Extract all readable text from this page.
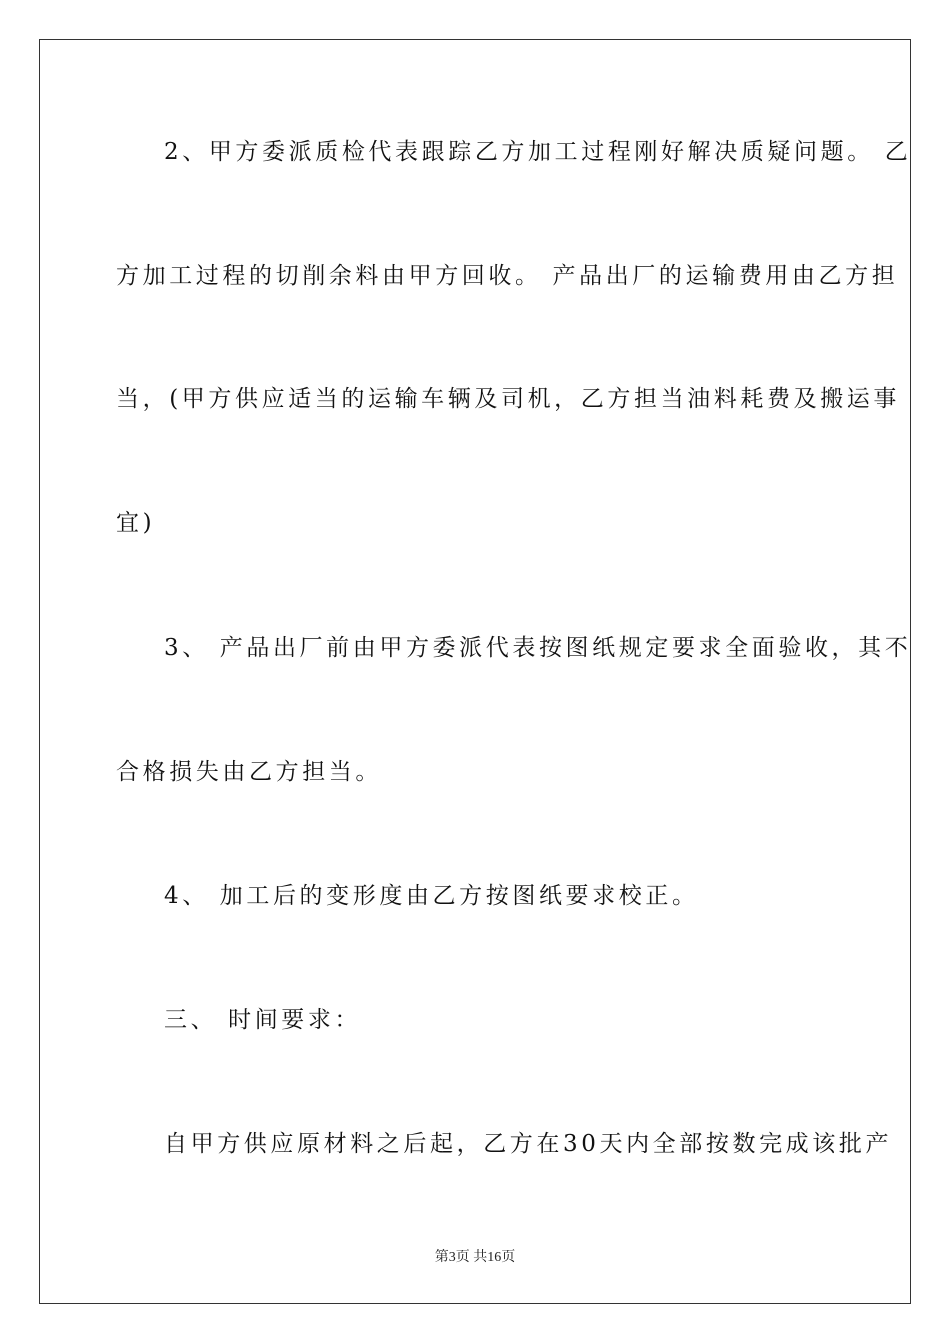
2、甲方委派质检代表跟踪乙方加工过程刚好解决质疑问题。 乙
方加工过程的切削余料由甲方回收。 产品出厂的运输费用由乙方担
当，(甲方供应适当的运输车辆及司机，乙方担当油料耗费及搬运事
宜)
3、 产品出厂前由甲方委派代表按图纸规定要求全面验收，其不
合格损失由乙方担当。
4、 加工后的变形度由乙方按图纸要求校正。
三、 时间要求：
自甲方供应原材料之后起，乙方在30天内全部按数完成该批产
第3页 共16页
